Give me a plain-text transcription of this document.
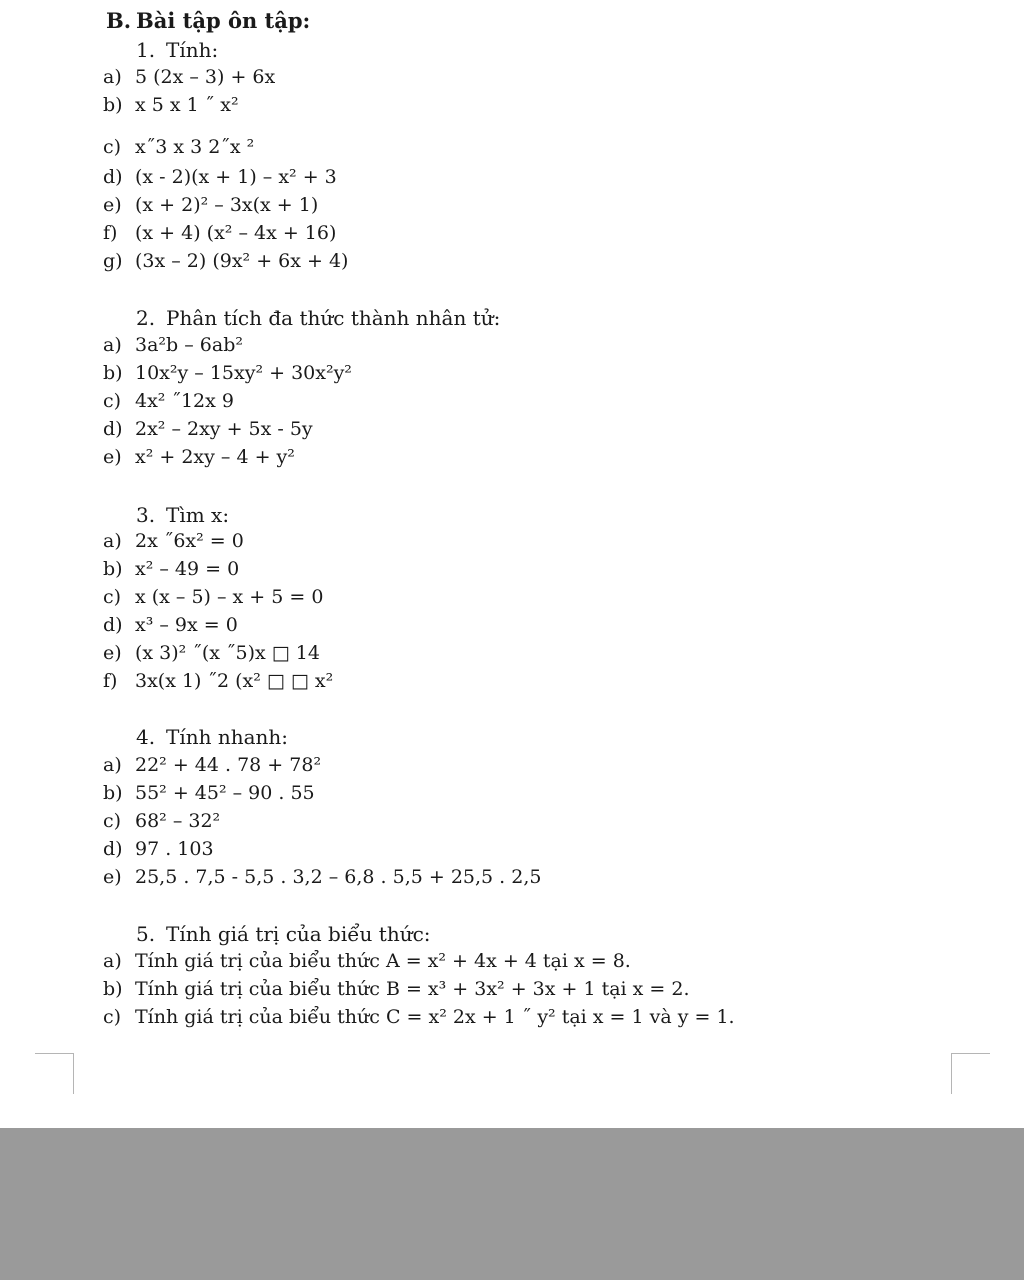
B. Bài tập ôn tập:
1. Tính:
a) 5 (2x – 3) + 6x
b) x 5 x 1 ˝ x²
c) x˝3 x 3 2˝x ²
d) (x - 2)(x + 1) – x² + 3
e) (x + 2)² – 3x(x + 1)
f) (x + 4) (x² – 4x + 16)
g) (3x – 2) (9x² + 6x + 4)
2. Phân tích đa thức thành nhân tử:
a) 3a²b – 6ab²
b) 10x²y – 15xy² + 30x²y²
c) 4x² ˝12x 9
d) 2x² – 2xy + 5x - 5y
e) x² + 2xy – 4 + y²
3. Tìm x:
a) 2x ˝6x² = 0
b) x² – 49 = 0
c) x (x – 5) – x + 5 = 0
d) x³ – 9x = 0
e) (x 3)² ˝(x ˝5)x □ 14
f) 3x(x 1) ˝2 (x² □ □ x²
4. Tính nhanh:
a) 22² + 44 . 78 + 78²
b) 55² + 45² – 90 . 55
c) 68² – 32²
d) 97 . 103
e) 25,5 . 7,5 - 5,5 . 3,2 – 6,8 . 5,5 + 25,5 . 2,5
5. Tính giá trị của biểu thức:
a) Tính giá trị của biểu thức A = x² + 4x + 4 tại x = 8.
b) Tính giá trị của biểu thức B = x³ + 3x² + 3x + 1 tại x = 2.
c) Tính giá trị của biểu thức C = x² 2x + 1 ˝ y² tại x = 1 và y = 1.
